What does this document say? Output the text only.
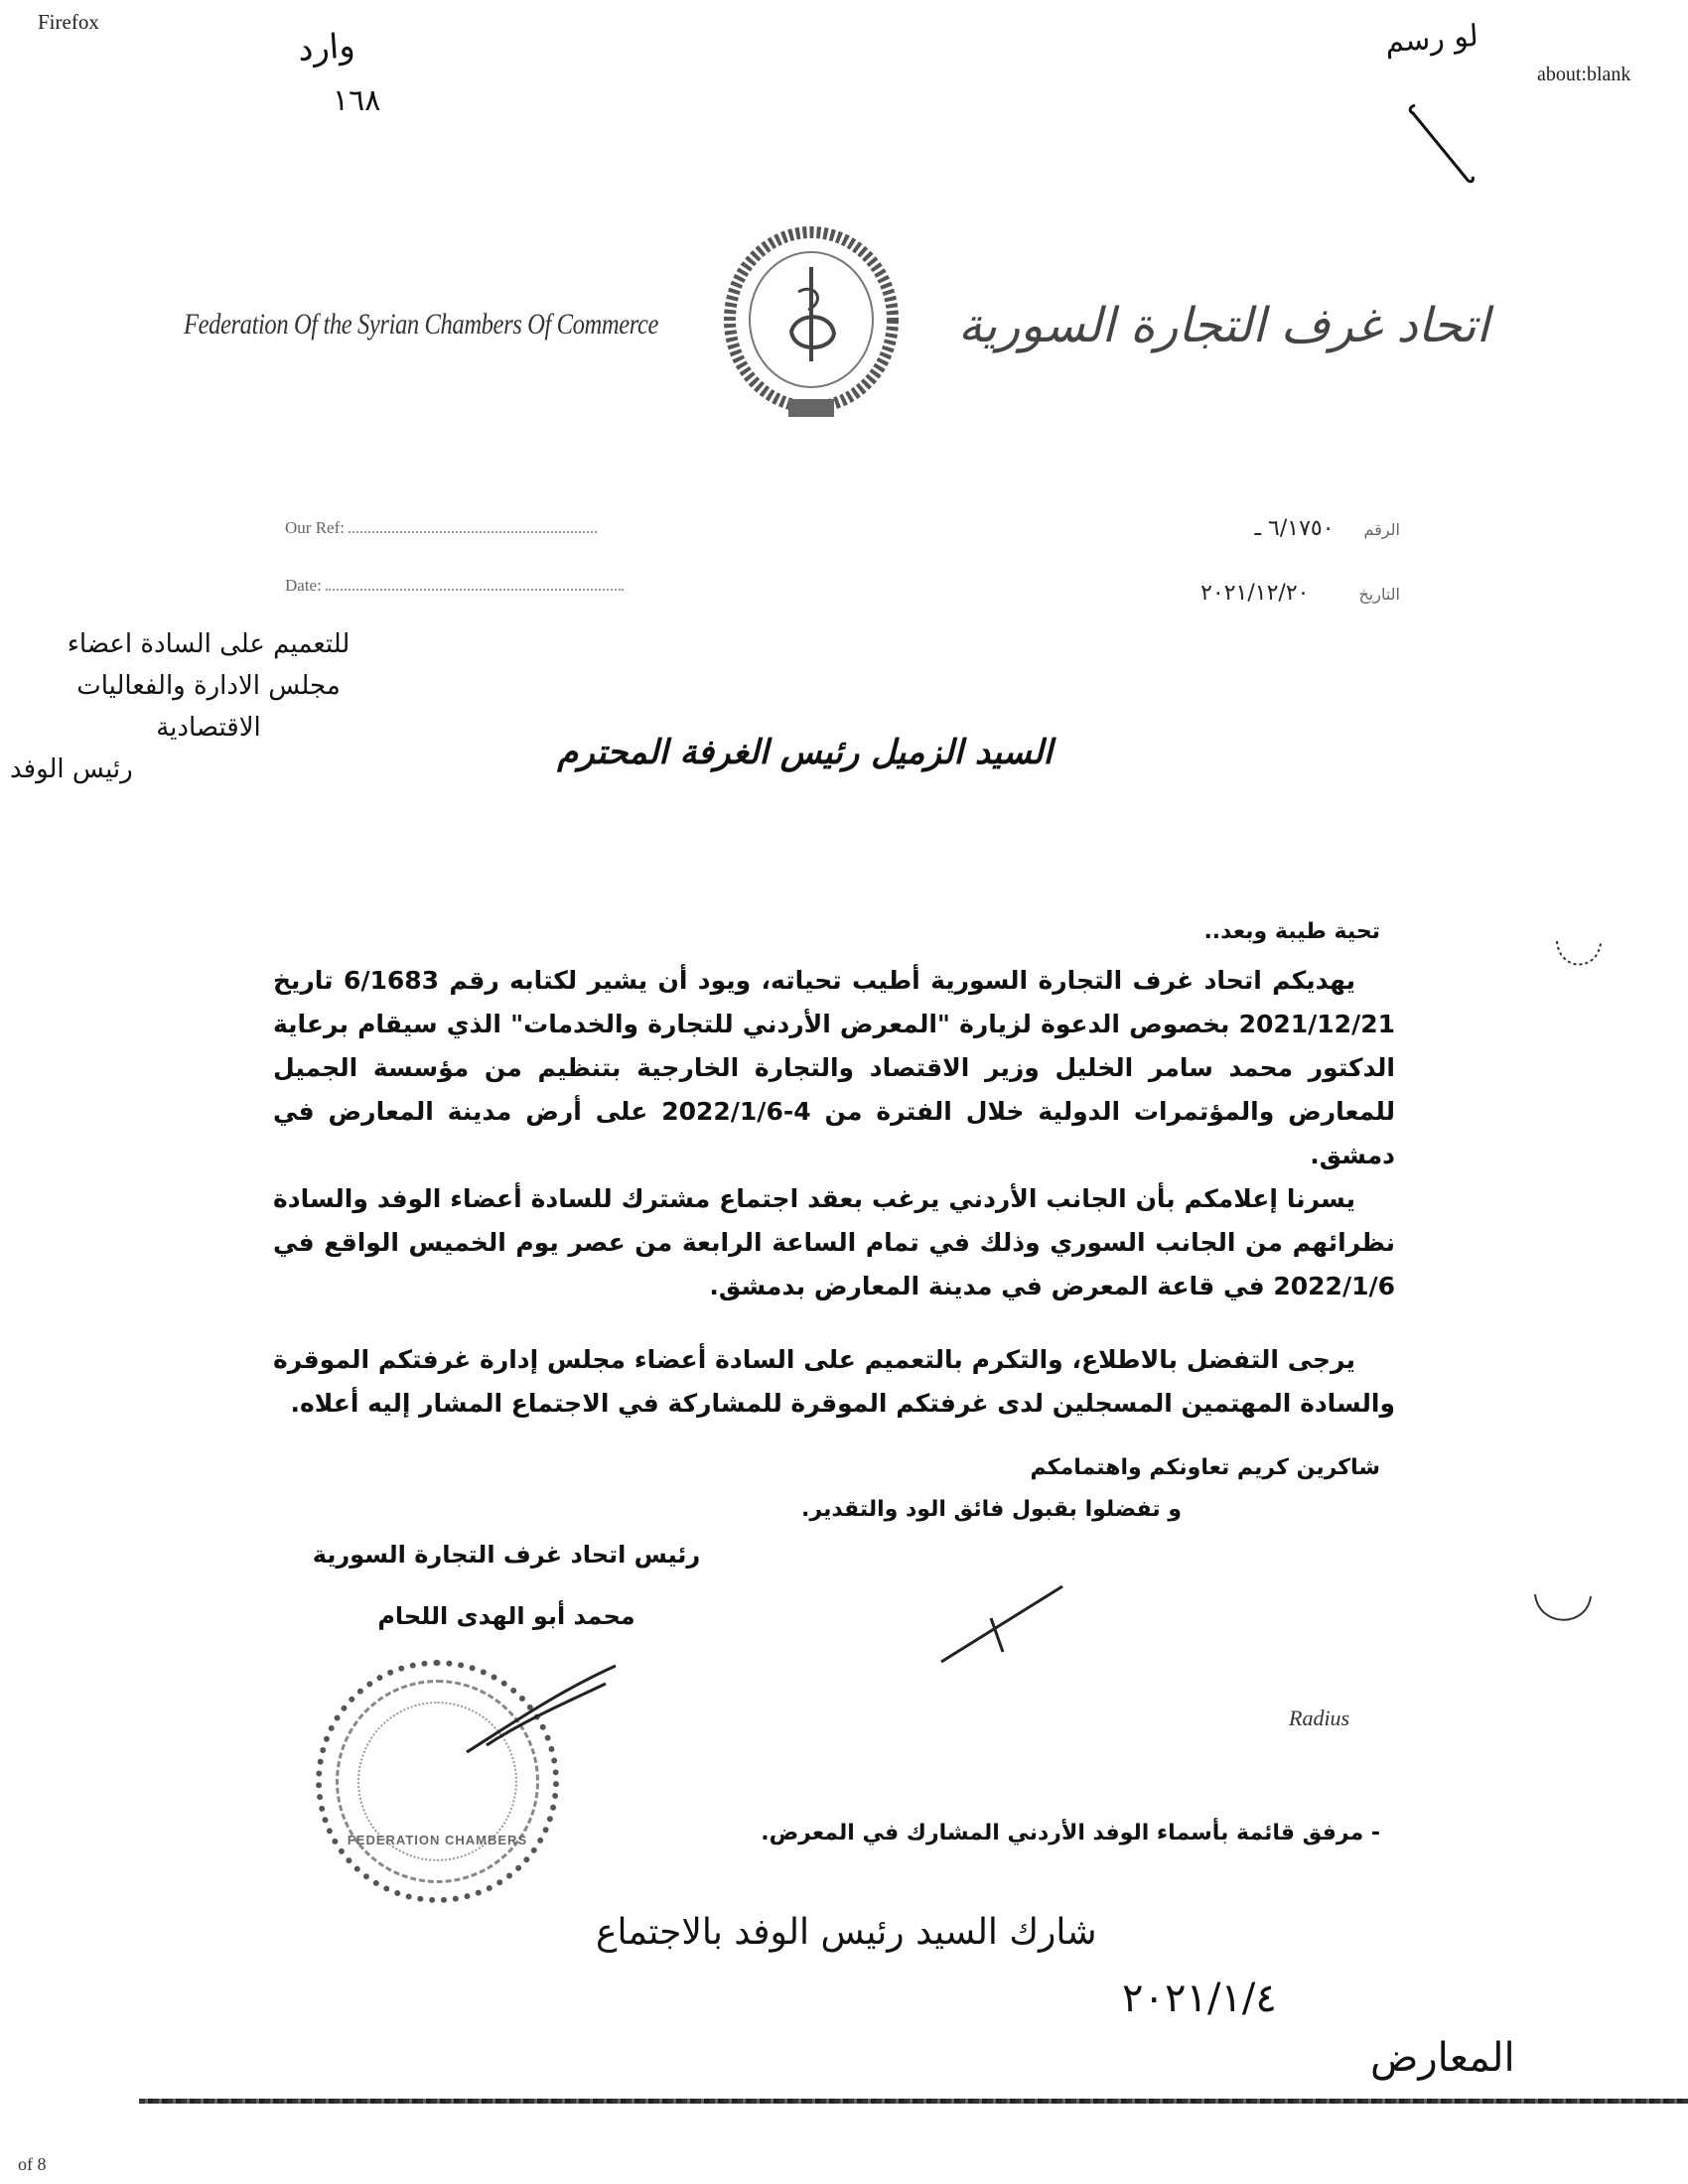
Firefox
about:blank
وارد
١٦٨
لو رسم
Federation Of the Syrian Chambers Of Commerce	اتحاد غرف التجارة السورية
Our Ref:
Date:
الرقم
٦/١٧٥٠ ـ
التاريخ
٢٠٢١/١٢/٢٠
للتعميم على السادة اعضاء
مجلس الادارة والفعاليات
الاقتصادية
رئيس الوفد	السيد الزميل رئيس الغرفة المحترم
تحية طيبة وبعد..

يهديكم اتحاد غرف التجارة السورية أطيب تحياته، ويود أن يشير لكتابه رقم 6/1683 تاريخ 2021/12/21 بخصوص الدعوة لزيارة "المعرض الأردني للتجارة والخدمات" الذي سيقام برعاية الدكتور محمد سامر الخليل وزير الاقتصاد والتجارة الخارجية بتنظيم من مؤسسة الجميل للمعارض والمؤتمرات الدولية خلال الفترة من 4-2022/1/6 على أرض مدينة المعارض في دمشق.

يسرنا إعلامكم بأن الجانب الأردني يرغب بعقد اجتماع مشترك للسادة أعضاء الوفد والسادة نظرائهم من الجانب السوري وذلك في تمام الساعة الرابعة من عصر يوم الخميس الواقع في 2022/1/6 في قاعة المعرض في مدينة المعارض بدمشق.

يرجى التفضل بالاطلاع، والتكرم بالتعميم على السادة أعضاء مجلس إدارة غرفتكم الموقرة والسادة المهتمين المسجلين لدى غرفتكم الموقرة للمشاركة في الاجتماع المشار إليه أعلاه.

شاكرين كريم تعاونكم واهتمامكم
و تفضلوا بقبول فائق الود والتقدير.
رئيس اتحاد غرف التجارة السورية
محمد أبو الهدى اللحام
FEDERATION CHAMBERS
Radius
- مرفق قائمة بأسماء الوفد الأردني المشارك في المعرض.
شارك السيد رئيس الوفد بالاجتماع
٢٠٢١/١/٤
المعارض
of 8
